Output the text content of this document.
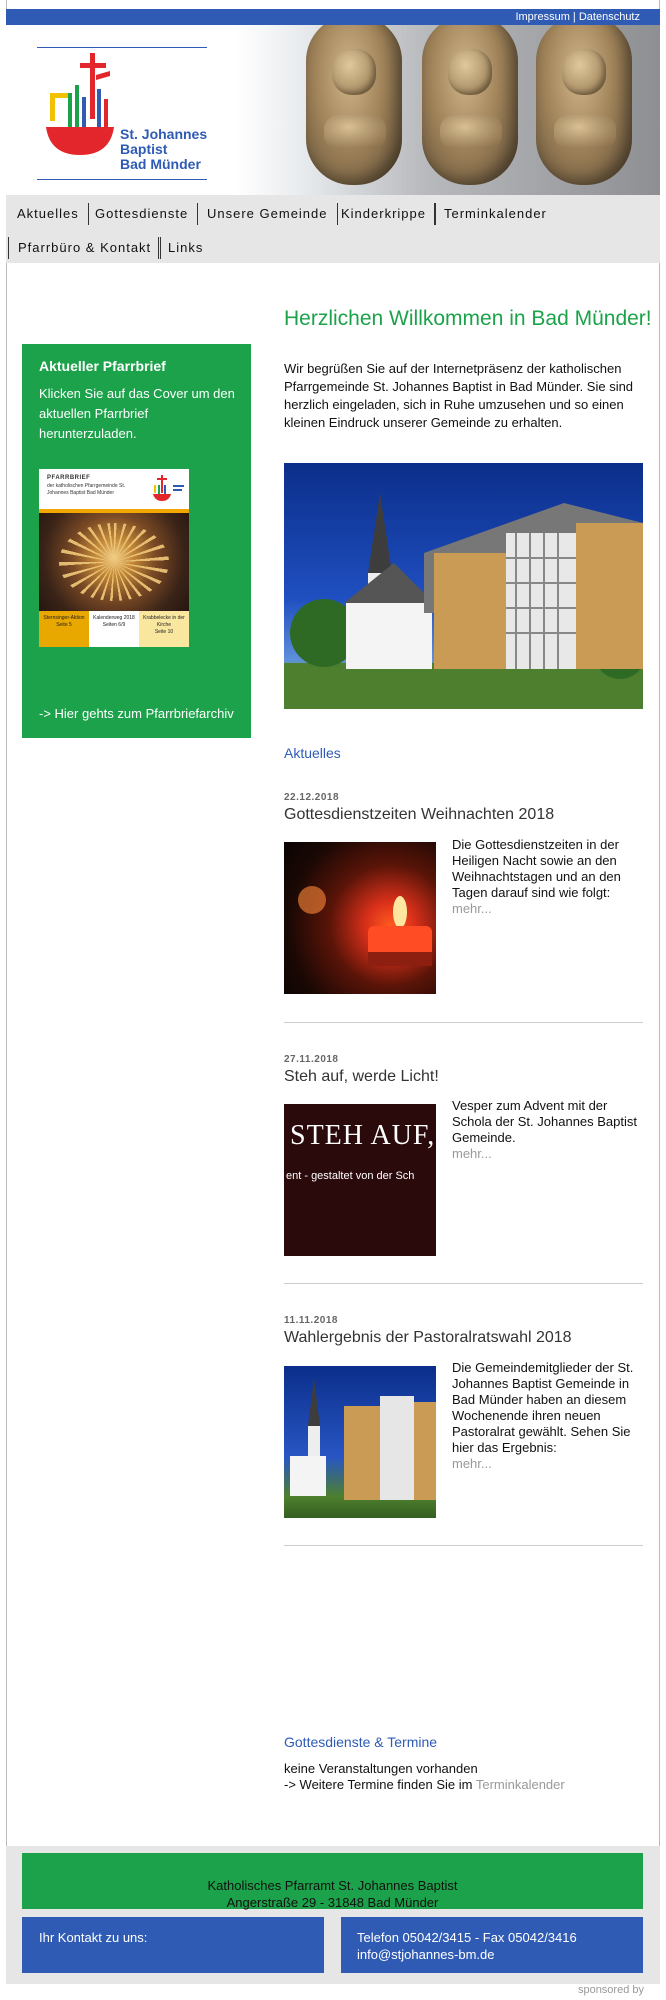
Impressum | Datenschutz
St. Johannes
Baptist
Bad Münder
Aktuelles	Gottesdienste	Unsere Gemeinde	Kinderkrippe	Terminkalender
Pfarrbüro & Kontakt	Links
Aktueller Pfarrbrief
Klicken Sie auf das Cover um den aktuellen Pfarrbrief herunterzuladen.
PFARRBRIEF
der katholischen Pfarrgemeinde St. Johannes Baptist Bad Münder
Sternsinger-Aktion
Seite 5
Kalenderweg 2018
Seiten 6/9
Krabbelecke in der Kirche
Seite 10
-> Hier gehts zum Pfarrbriefarchiv
Herzlichen Willkommen in Bad Münder!
Wir begrüßen Sie auf der Internetpräsenz der katholischen Pfarrgemeinde St. Johannes Baptist in Bad Münder. Sie sind herzlich eingeladen, sich in Ruhe umzusehen und so einen kleinen Eindruck unserer Gemeinde zu erhalten.
Aktuelles
22.12.2018
Gottesdienstzeiten Weihnachten 2018
Die Gottesdienstzeiten in der Heiligen Nacht sowie an den Weihnachtstagen und an den Tagen darauf sind wie folgt:
mehr...
27.11.2018
Steh auf, werde Licht!
STEH AUF,
ent - gestaltet von der Sch
Vesper zum Advent mit der Schola der St. Johannes Baptist Gemeinde.
mehr...
11.11.2018
Wahlergebnis der Pastoralratswahl 2018
Die Gemeindemitglieder der St. Johannes Baptist Gemeinde in Bad Münder haben an diesem Wochenende ihren neuen Pastoralrat gewählt. Sehen Sie hier das Ergebnis:
mehr...
Gottesdienste & Termine
keine Veranstaltungen vorhanden
-> Weitere Termine finden Sie im Terminkalender
Katholisches Pfarramt St. Johannes Baptist
Angerstraße 29 - 31848 Bad Münder
Ihr Kontakt zu uns:	Telefon 05042/3415 - Fax 05042/3416
info@stjohannes-bm.de
sponsored by
